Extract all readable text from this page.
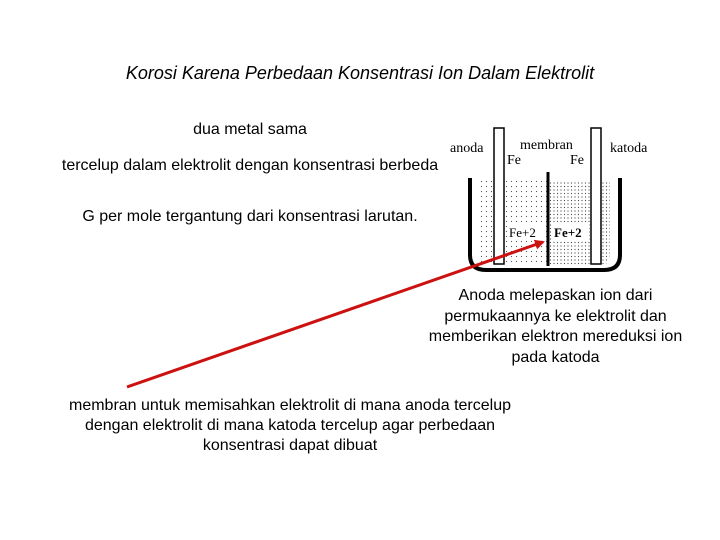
Korosi Karena Perbedaan Konsentrasi Ion Dalam Elektrolit
dua metal sama
tercelup dalam elektrolit dengan konsentrasi berbeda
G per mole tergantung dari konsentrasi larutan.
Anoda melepaskan ion dari permukaannya ke elektrolit dan memberikan elektron mereduksi ion pada katoda
membran untuk memisahkan elektrolit di mana anoda tercelup dengan elektrolit di mana katoda tercelup agar perbedaan konsentrasi dapat dibuat
anoda	membran
Fe	Fe
katoda
Fe+2 Fe+2
